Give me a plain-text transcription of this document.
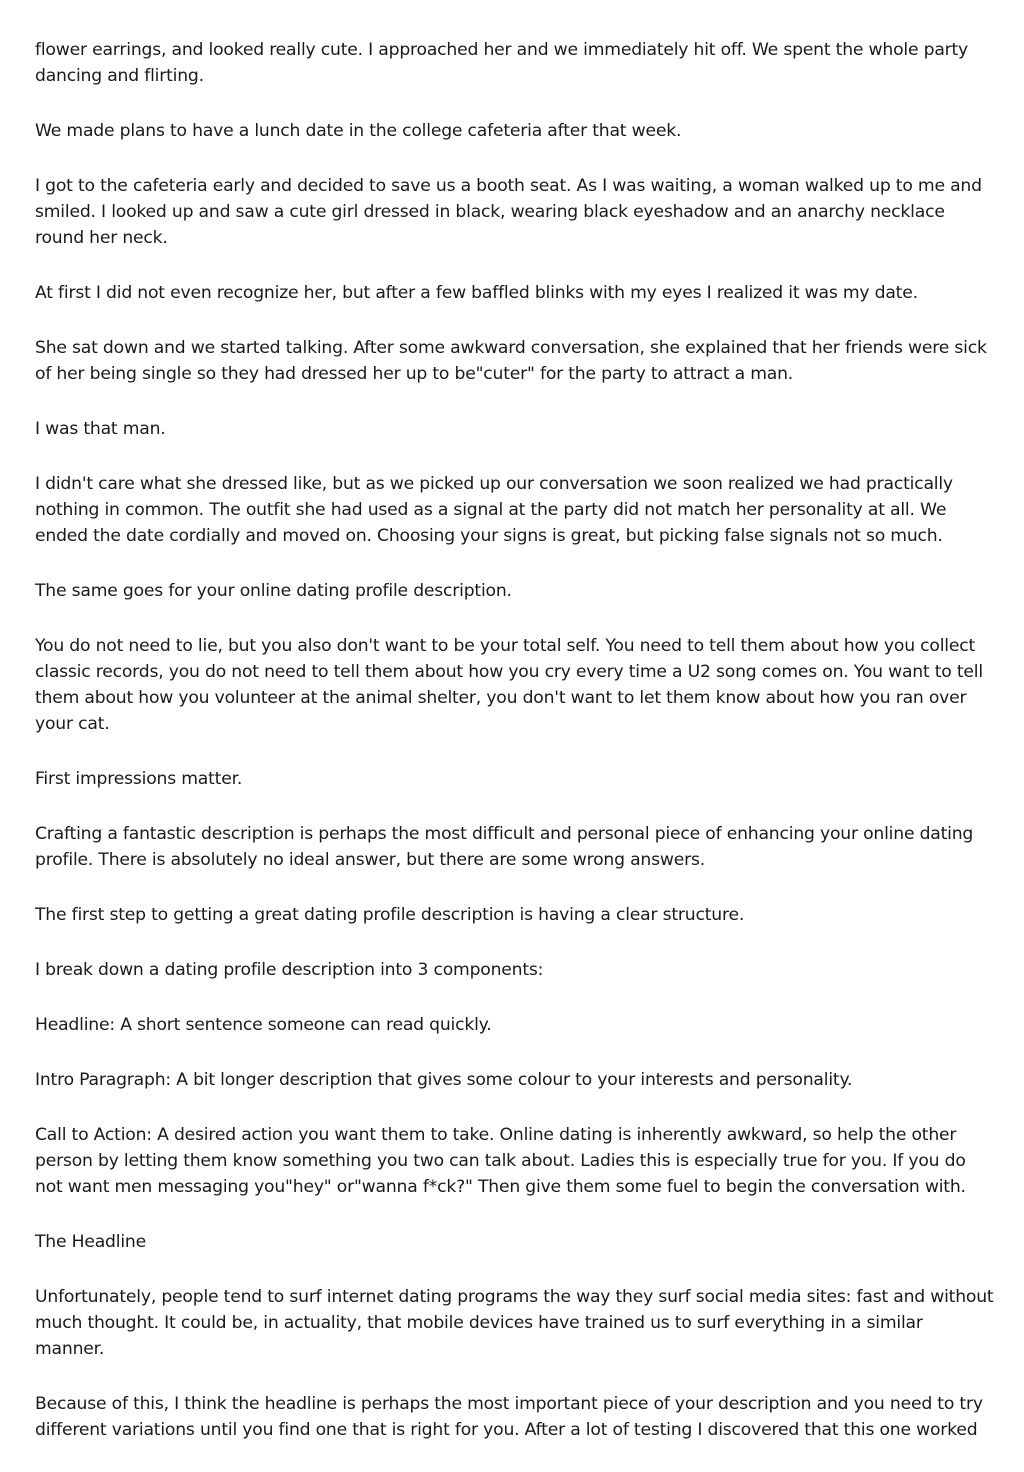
flower earrings, and looked really cute. I approached her and we immediately hit off. We spent the whole party dancing and flirting.

We made plans to have a lunch date in the college cafeteria after that week.

I got to the cafeteria early and decided to save us a booth seat. As I was waiting, a woman walked up to me and smiled. I looked up and saw a cute girl dressed in black, wearing black eyeshadow and an anarchy necklace round her neck.

At first I did not even recognize her, but after a few baffled blinks with my eyes I realized it was my date.

She sat down and we started talking. After some awkward conversation, she explained that her friends were sick of her being single so they had dressed her up to be"cuter" for the party to attract a man.

I was that man.

I didn't care what she dressed like, but as we picked up our conversation we soon realized we had practically nothing in common. The outfit she had used as a signal at the party did not match her personality at all. We ended the date cordially and moved on. Choosing your signs is great, but picking false signals not so much.

The same goes for your online dating profile description.

You do not need to lie, but you also don't want to be your total self. You need to tell them about how you collect classic records, you do not need to tell them about how you cry every time a U2 song comes on. You want to tell them about how you volunteer at the animal shelter, you don't want to let them know about how you ran over your cat.

First impressions matter.

Crafting a fantastic description is perhaps the most difficult and personal piece of enhancing your online dating profile. There is absolutely no ideal answer, but there are some wrong answers.

The first step to getting a great dating profile description is having a clear structure.

I break down a dating profile description into 3 components:

Headline: A short sentence someone can read quickly.

Intro Paragraph: A bit longer description that gives some colour to your interests and personality.

Call to Action: A desired action you want them to take. Online dating is inherently awkward, so help the other person by letting them know something you two can talk about. Ladies this is especially true for you. If you do not want men messaging you"hey" or"wanna f*ck?" Then give them some fuel to begin the conversation with.

The Headline

Unfortunately, people tend to surf internet dating programs the way they surf social media sites: fast and without much thought. It could be, in actuality, that mobile devices have trained us to surf everything in a similar manner.

Because of this, I think the headline is perhaps the most important piece of your description and you need to try different variations until you find one that is right for you. After a lot of testing I discovered that this one worked
